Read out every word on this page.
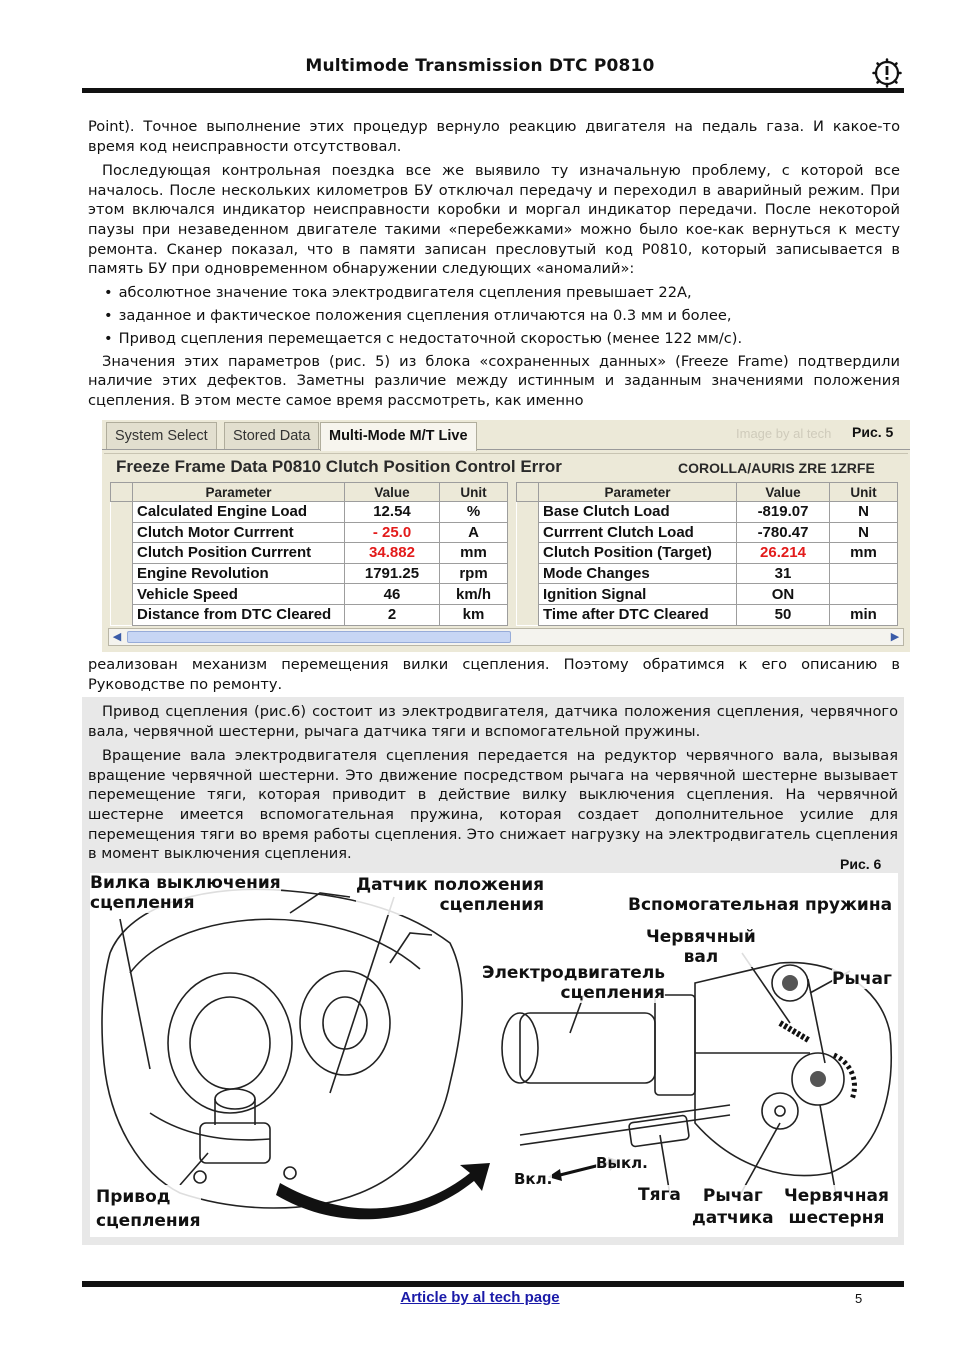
Multimode Transmission DTC P0810

Point). Точное выполнение этих процедур вернуло реакцию двигателя на педаль газа. И какое-то время код неисправности отсутствовал.

Последующая контрольная поездка все же выявило ту изначальную проблему, с которой все началось. После нескольких километров БУ отключал передачу и переходил в аварийный режим. При этом включался индикатор неисправности коробки и моргал индикатор передачи. После некоторой паузы при незаведенном двигателе такими «перебежками» можно было кое-как вернуться к месту ремонта. Сканер показал, что в памяти записан пресловутый код P0810, который записывается в память БУ при одновременном обнаружении следующих «аномалий»:

• абсолютное значение тока электродвигателя сцепления превышает 22А,
• заданное и фактическое положения сцепления отличаются на 0.3 мм и более,
• Привод сцепления перемещается с недостаточной скоростью (менее 122 мм/с).

Значения этих параметров (рис. 5) из блока «сохраненных данных» (Freeze Frame) подтвердили наличие этих дефектов. Заметны различие между истинным и заданным значениями положения сцепления. В этом месте самое время рассмотреть, как именно

System Select	Stored Data	Multi-Mode M/T Live	Image by al tech Рис. 5
Freeze Frame Data P0810 Clutch Position Control Error	COROLLA/AURIS ZRE 1ZRFE
	Parameter	Value	Unit
	Calculated Engine Load	12.54	%
	Clutch Motor Currrent	- 25.0	A
	Clutch Position Currrent	34.882	mm
	Engine Revolution	1791.25	rpm
	Vehicle Speed	46	km/h
	Distance from DTC Cleared	2	km
	Parameter	Value	Unit
	Base Clutch Load	-819.07	N
	Currrent Clutch Load	-780.47	N
	Clutch Position (Target)	26.214	mm
	Mode Changes	31	
	Ignition Signal	ON	
	Time after DTC Cleared	50	min
◀	▶

реализован механизм перемещения вилки сцепления. Поэтому обратимся к его описанию в Руководстве по ремонту.

Привод сцепления (рис.6) состоит из электродвигателя, датчика положения сцепления, червячного вала, червячной шестерни, рычага датчика тяги и вспомогательной пружины.

Вращение вала электродвигателя сцепления передается на редуктор червячного вала, вызывая вращение червячной шестерни. Это движение посредством рычага на червячной шестерне вызывает перемещение тяги, которая приводит в действие вилку выключения сцепления. На червячной шестерне имеется вспомогательная пружина, которая создает дополнительное усилие для перемещения тяги во время работы сцепления. Это снижает нагрузку на электродвигатель сцепления в момент выключения сцепления.

Рис. 6
Вилка выключения
сцепления
Датчик положения
сцепления	Вспомогательная пружина
Червячный
вал
Рычаг
Электродвигатель
сцепления
Привод
сцепления
Выкл.
Вкл.
Тяга	Рычаг
датчика
Червячная
шестерня
Article by al tech page	5
